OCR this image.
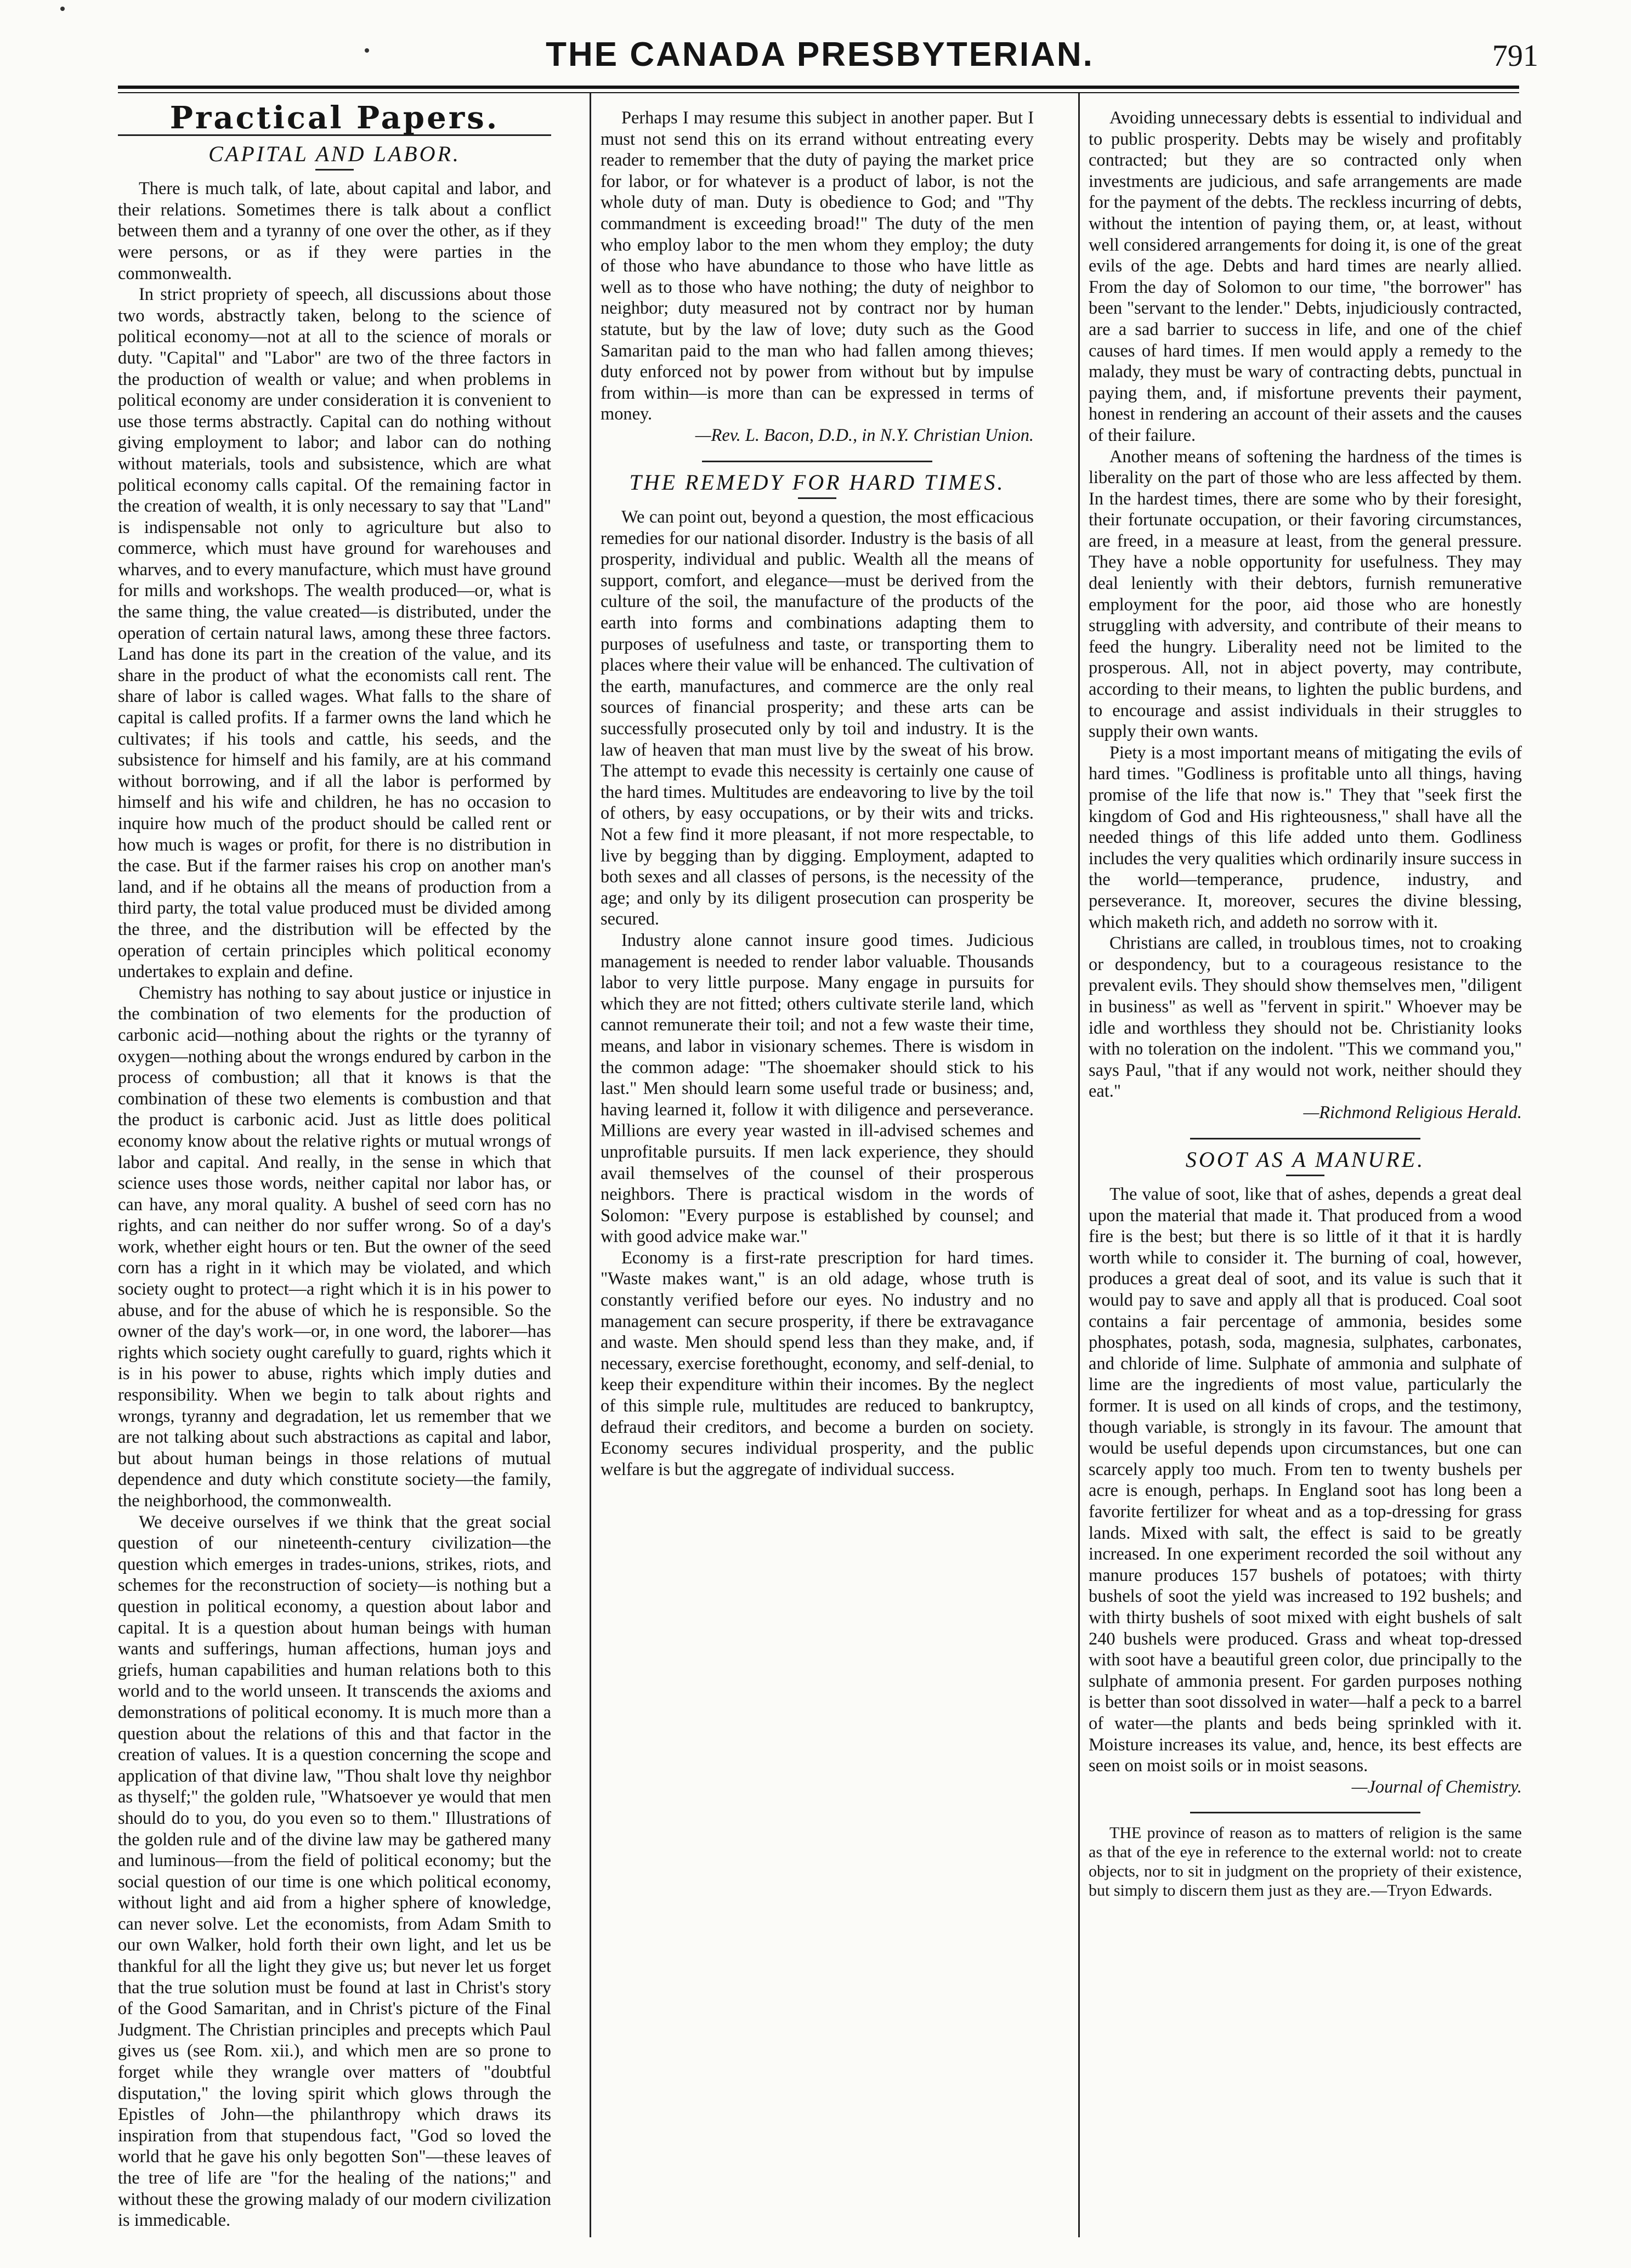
THE CANADA PRESBYTERIAN.	791
Practical Papers.
CAPITAL AND LABOR.

There is much talk, of late, about capital and labor, and their relations. Sometimes there is talk about a conflict between them and a tyranny of one over the other, as if they were persons, or as if they were parties in the commonwealth.

In strict propriety of speech, all discussions about those two words, abstractly taken, belong to the science of political economy—not at all to the science of morals or duty. "Capital" and "Labor" are two of the three factors in the production of wealth or value; and when problems in political economy are under consideration it is convenient to use those terms abstractly. Capital can do nothing without giving employment to labor; and labor can do nothing without materials, tools and subsistence, which are what political economy calls capital. Of the remaining factor in the creation of wealth, it is only necessary to say that "Land" is indispensable not only to agriculture but also to commerce, which must have ground for warehouses and wharves, and to every manufacture, which must have ground for mills and workshops. The wealth produced—or, what is the same thing, the value created—is distributed, under the operation of certain natural laws, among these three factors. Land has done its part in the creation of the value, and its share in the product of what the economists call rent. The share of labor is called wages. What falls to the share of capital is called profits. If a farmer owns the land which he cultivates; if his tools and cattle, his seeds, and the subsistence for himself and his family, are at his command without borrowing, and if all the labor is performed by himself and his wife and children, he has no occasion to inquire how much of the product should be called rent or how much is wages or profit, for there is no distribution in the case. But if the farmer raises his crop on another man's land, and if he obtains all the means of production from a third party, the total value produced must be divided among the three, and the distribution will be effected by the operation of certain principles which political economy undertakes to explain and define.

Chemistry has nothing to say about justice or injustice in the combination of two elements for the production of carbonic acid—nothing about the rights or the tyranny of oxygen—nothing about the wrongs endured by carbon in the process of combustion; all that it knows is that the combination of these two elements is combustion and that the product is carbonic acid. Just as little does political economy know about the relative rights or mutual wrongs of labor and capital. And really, in the sense in which that science uses those words, neither capital nor labor has, or can have, any moral quality. A bushel of seed corn has no rights, and can neither do nor suffer wrong. So of a day's work, whether eight hours or ten. But the owner of the seed corn has a right in it which may be violated, and which society ought to protect—a right which it is in his power to abuse, and for the abuse of which he is responsible. So the owner of the day's work—or, in one word, the laborer—has rights which society ought carefully to guard, rights which it is in his power to abuse, rights which imply duties and responsibility. When we begin to talk about rights and wrongs, tyranny and degradation, let us remember that we are not talking about such abstractions as capital and labor, but about human beings in those relations of mutual dependence and duty which constitute society—the family, the neighborhood, the commonwealth.

We deceive ourselves if we think that the great social question of our nineteenth-century civilization—the question which emerges in trades-unions, strikes, riots, and schemes for the reconstruction of society—is nothing but a question in political economy, a question about labor and capital. It is a question about human beings with human wants and sufferings, human affections, human joys and griefs, human capabilities and human relations both to this world and to the world unseen. It transcends the axioms and demonstrations of political economy. It is much more than a question about the relations of this and that factor in the creation of values. It is a question concerning the scope and application of that divine law, "Thou shalt love thy neighbor as thyself;" the golden rule, "Whatsoever ye would that men should do to you, do you even so to them." Illustrations of the golden rule and of the divine law may be gathered many and luminous—from the field of political economy; but the social question of our time is one which political economy, without light and aid from a higher sphere of knowledge, can never solve. Let the economists, from Adam Smith to our own Walker, hold forth their own light, and let us be thankful for all the light they give us; but never let us forget that the true solution must be found at last in Christ's story of the Good Samaritan, and in Christ's picture of the Final Judgment. The Christian principles and precepts which Paul gives us (see Rom. xii.), and which men are so prone to forget while they wrangle over matters of "doubtful disputation," the loving spirit which glows through the Epistles of John—the philanthropy which draws its inspiration from that stupendous fact, "God so loved the world that he gave his only begotten Son"—these leaves of the tree of life are "for the healing of the nations;" and without these the growing malady of our modern civilization is immedicable.

Perhaps I may resume this subject in another paper. But I must not send this on its errand without entreating every reader to remember that the duty of paying the market price for labor, or for whatever is a product of labor, is not the whole duty of man. Duty is obedience to God; and "Thy commandment is exceeding broad!" The duty of the men who employ labor to the men whom they employ; the duty of those who have abundance to those who have little as well as to those who have nothing; the duty of neighbor to neighbor; duty measured not by contract nor by human statute, but by the law of love; duty such as the Good Samaritan paid to the man who had fallen among thieves; duty enforced not by power from without but by impulse from within—is more than can be expressed in terms of money.

—Rev. L. Bacon, D.D., in N.Y. Christian Union.

THE REMEDY FOR HARD TIMES.

We can point out, beyond a question, the most efficacious remedies for our national disorder. Industry is the basis of all prosperity, individual and public. Wealth all the means of support, comfort, and elegance—must be derived from the culture of the soil, the manufacture of the products of the earth into forms and combinations adapting them to purposes of usefulness and taste, or transporting them to places where their value will be enhanced. The cultivation of the earth, manufactures, and commerce are the only real sources of financial prosperity; and these arts can be successfully prosecuted only by toil and industry. It is the law of heaven that man must live by the sweat of his brow. The attempt to evade this necessity is certainly one cause of the hard times. Multitudes are endeavoring to live by the toil of others, by easy occupations, or by their wits and tricks. Not a few find it more pleasant, if not more respectable, to live by begging than by digging. Employment, adapted to both sexes and all classes of persons, is the necessity of the age; and only by its diligent prosecution can prosperity be secured.

Industry alone cannot insure good times. Judicious management is needed to render labor valuable. Thousands labor to very little purpose. Many engage in pursuits for which they are not fitted; others cultivate sterile land, which cannot remunerate their toil; and not a few waste their time, means, and labor in visionary schemes. There is wisdom in the common adage: "The shoemaker should stick to his last." Men should learn some useful trade or business; and, having learned it, follow it with diligence and perseverance. Millions are every year wasted in ill-advised schemes and unprofitable pursuits. If men lack experience, they should avail themselves of the counsel of their prosperous neighbors. There is practical wisdom in the words of Solomon: "Every purpose is established by counsel; and with good advice make war."

Economy is a first-rate prescription for hard times. "Waste makes want," is an old adage, whose truth is constantly verified before our eyes. No industry and no management can secure prosperity, if there be extravagance and waste. Men should spend less than they make, and, if necessary, exercise forethought, economy, and self-denial, to keep their expenditure within their incomes. By the neglect of this simple rule, multitudes are reduced to bankruptcy, defraud their creditors, and become a burden on society. Economy secures individual prosperity, and the public welfare is but the aggregate of individual success.

Avoiding unnecessary debts is essential to individual and to public prosperity. Debts may be wisely and profitably contracted; but they are so contracted only when investments are judicious, and safe arrangements are made for the payment of the debts. The reckless incurring of debts, without the intention of paying them, or, at least, without well considered arrangements for doing it, is one of the great evils of the age. Debts and hard times are nearly allied. From the day of Solomon to our time, "the borrower" has been "servant to the lender." Debts, injudiciously contracted, are a sad barrier to success in life, and one of the chief causes of hard times. If men would apply a remedy to the malady, they must be wary of contracting debts, punctual in paying them, and, if misfortune prevents their payment, honest in rendering an account of their assets and the causes of their failure.

Another means of softening the hardness of the times is liberality on the part of those who are less affected by them. In the hardest times, there are some who by their foresight, their fortunate occupation, or their favoring circumstances, are freed, in a measure at least, from the general pressure. They have a noble opportunity for usefulness. They may deal leniently with their debtors, furnish remunerative employment for the poor, aid those who are honestly struggling with adversity, and contribute of their means to feed the hungry. Liberality need not be limited to the prosperous. All, not in abject poverty, may contribute, according to their means, to lighten the public burdens, and to encourage and assist individuals in their struggles to supply their own wants.

Piety is a most important means of mitigating the evils of hard times. "Godliness is profitable unto all things, having promise of the life that now is." They that "seek first the kingdom of God and His righteousness," shall have all the needed things of this life added unto them. Godliness includes the very qualities which ordinarily insure success in the world—temperance, prudence, industry, and perseverance. It, moreover, secures the divine blessing, which maketh rich, and addeth no sorrow with it.

Christians are called, in troublous times, not to croaking or despondency, but to a courageous resistance to the prevalent evils. They should show themselves men, "diligent in business" as well as "fervent in spirit." Whoever may be idle and worthless they should not be. Christianity looks with no toleration on the indolent. "This we command you," says Paul, "that if any would not work, neither should they eat."

—Richmond Religious Herald.

SOOT AS A MANURE.

The value of soot, like that of ashes, depends a great deal upon the material that made it. That produced from a wood fire is the best; but there is so little of it that it is hardly worth while to consider it. The burning of coal, however, produces a great deal of soot, and its value is such that it would pay to save and apply all that is produced. Coal soot contains a fair percentage of ammonia, besides some phosphates, potash, soda, magnesia, sulphates, carbonates, and chloride of lime. Sulphate of ammonia and sulphate of lime are the ingredients of most value, particularly the former. It is used on all kinds of crops, and the testimony, though variable, is strongly in its favour. The amount that would be useful depends upon circumstances, but one can scarcely apply too much. From ten to twenty bushels per acre is enough, perhaps. In England soot has long been a favorite fertilizer for wheat and as a top-dressing for grass lands. Mixed with salt, the effect is said to be greatly increased. In one experiment recorded the soil without any manure produces 157 bushels of potatoes; with thirty bushels of soot the yield was increased to 192 bushels; and with thirty bushels of soot mixed with eight bushels of salt 240 bushels were produced. Grass and wheat top-dressed with soot have a beautiful green color, due principally to the sulphate of ammonia present. For garden purposes nothing is better than soot dissolved in water—half a peck to a barrel of water—the plants and beds being sprinkled with it. Moisture increases its value, and, hence, its best effects are seen on moist soils or in moist seasons.

—Journal of Chemistry.

THE province of reason as to matters of religion is the same as that of the eye in reference to the external world: not to create objects, nor to sit in judgment on the propriety of their existence, but simply to discern them just as they are.—Tryon Edwards.
